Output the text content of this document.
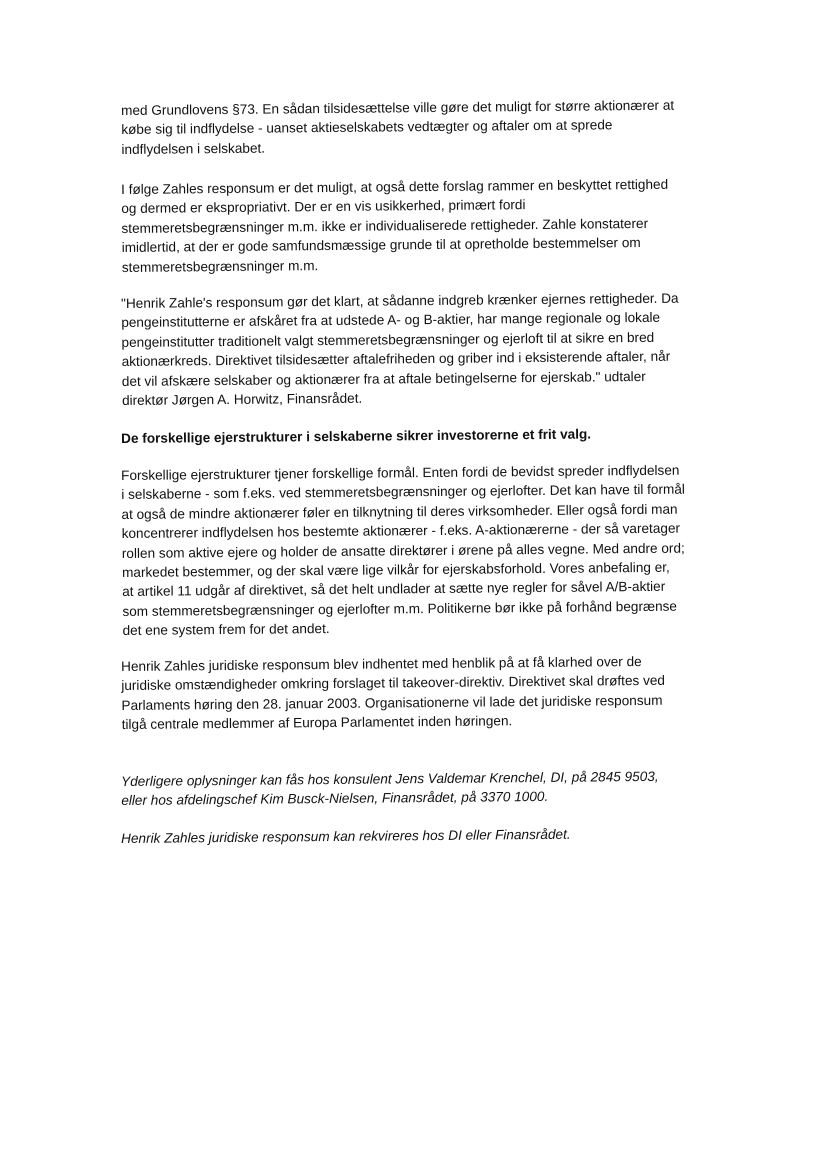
med Grundlovens §73. En sådan tilsidesættelse ville gøre det muligt for større aktionærer at
købe sig til indflydelse - uanset aktieselskabets vedtægter og aftaler om at sprede
indflydelsen i selskabet.
I følge Zahles responsum er det muligt, at også dette forslag rammer en beskyttet rettighed
og dermed er ekspropriativt. Der er en vis usikkerhed, primært fordi
stemmeretsbegrænsninger m.m. ikke er individualiserede rettigheder. Zahle konstaterer
imidlertid, at der er gode samfundsmæssige grunde til at opretholde bestemmelser om
stemmeretsbegrænsninger m.m.
"Henrik Zahle's responsum gør det klart, at sådanne indgreb krænker ejernes rettigheder. Da
pengeinstitutterne er afskåret fra at udstede A- og B-aktier, har mange regionale og lokale
pengeinstitutter traditionelt valgt stemmeretsbegrænsninger og ejerloft til at sikre en bred
aktionærkreds. Direktivet tilsidesætter aftalefriheden og griber ind i eksisterende aftaler, når
det vil afskære selskaber og aktionærer fra at aftale betingelserne for ejerskab." udtaler
direktør Jørgen A. Horwitz, Finansrådet.
De forskellige ejerstrukturer i selskaberne sikrer investorerne et frit valg.
Forskellige ejerstrukturer tjener forskellige formål. Enten fordi de bevidst spreder indflydelsen
i selskaberne - som f.eks. ved stemmeretsbegrænsninger og ejerlofter. Det kan have til formål
at også de mindre aktionærer føler en tilknytning til deres virksomheder. Eller også fordi man
koncentrerer indflydelsen hos bestemte aktionærer - f.eks. A-aktionærerne - der så varetager
rollen som aktive ejere og holder de ansatte direktører i ørene på alles vegne. Med andre ord;
markedet bestemmer, og der skal være lige vilkår for ejerskabsforhold. Vores anbefaling er,
at artikel 11 udgår af direktivet, så det helt undlader at sætte nye regler for såvel A/B-aktier
som stemmeretsbegrænsninger og ejerlofter m.m. Politikerne bør ikke på forhånd begrænse
det ene system frem for det andet.
Henrik Zahles juridiske responsum blev indhentet med henblik på at få klarhed over de
juridiske omstændigheder omkring forslaget til takeover-direktiv. Direktivet skal drøftes ved
Parlaments høring den 28. januar 2003. Organisationerne vil lade det juridiske responsum
tilgå centrale medlemmer af Europa Parlamentet inden høringen.
Yderligere oplysninger kan fås hos konsulent Jens Valdemar Krenchel, DI, på 2845 9503,
eller hos afdelingschef Kim Busck-Nielsen, Finansrådet, på 3370 1000.
Henrik Zahles juridiske responsum kan rekvireres hos DI eller Finansrådet.
